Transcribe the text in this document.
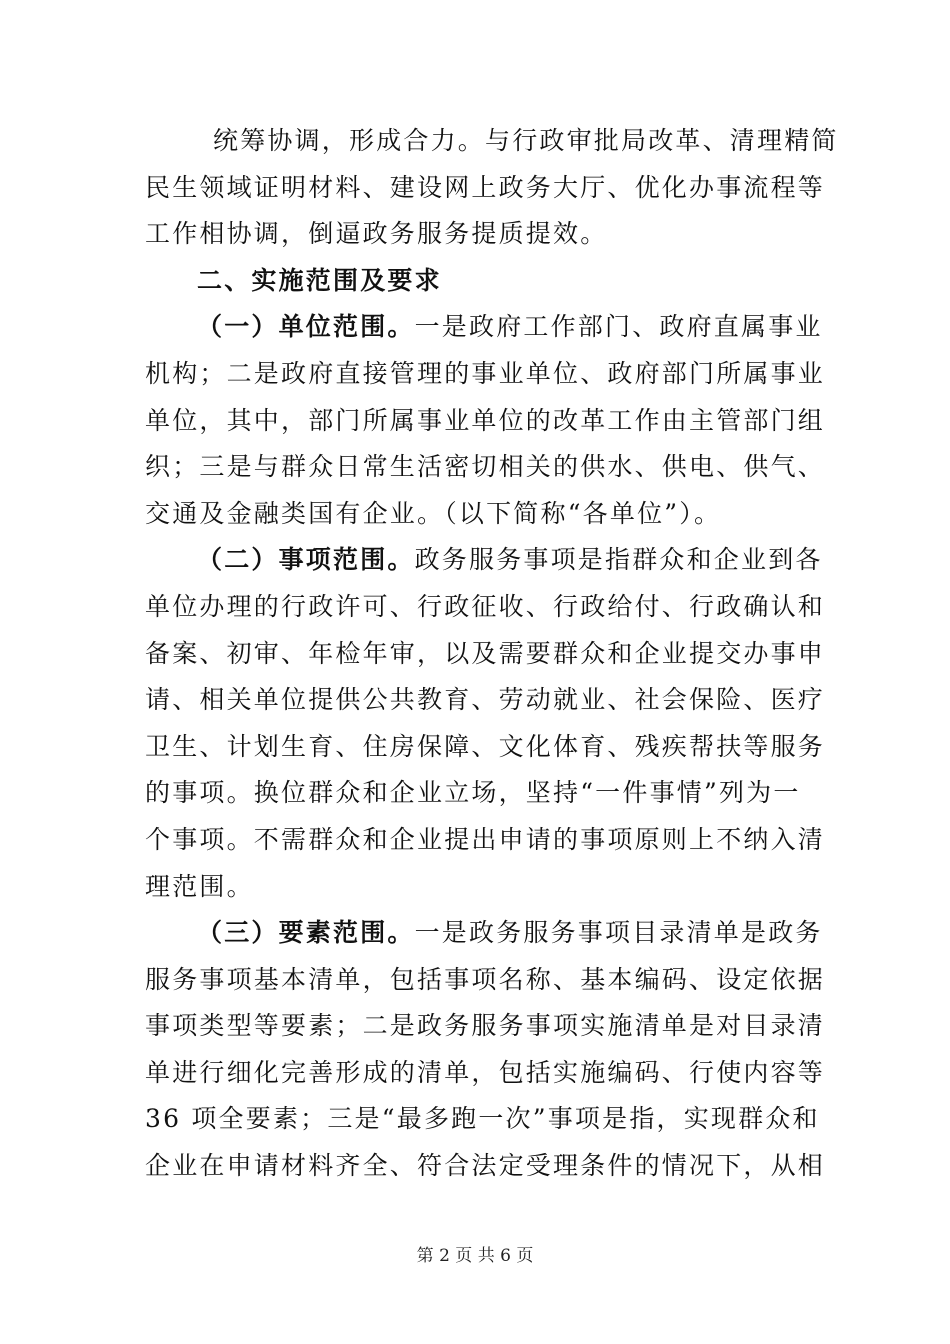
统筹协调，形成合力。与行政审批局改革、清理精简
民生领域证明材料、建设网上政务大厅、优化办事流程等
工作相协调，倒逼政务服务提质提效。
二、实施范围及要求
（一）单位范围。一是政府工作部门、政府直属事业
机构；二是政府直接管理的事业单位、政府部门所属事业
单位，其中，部门所属事业单位的改革工作由主管部门组
织；三是与群众日常生活密切相关的供水、供电、供气、
交通及金融类国有企业。（以下简称“各单位”）。
（二）事项范围。政务服务事项是指群众和企业到各
单位办理的行政许可、行政征收、行政给付、行政确认和
备案、初审、年检年审，以及需要群众和企业提交办事申
请、相关单位提供公共教育、劳动就业、社会保险、医疗
卫生、计划生育、住房保障、文化体育、残疾帮扶等服务
的事项。换位群众和企业立场，坚持“一件事情”列为一
个事项。不需群众和企业提出申请的事项原则上不纳入清
理范围。
（三）要素范围。一是政务服务事项目录清单是政务
服务事项基本清单，包括事项名称、基本编码、设定依据
事项类型等要素；二是政务服务事项实施清单是对目录清
单进行细化完善形成的清单，包括实施编码、行使内容等
36 项全要素；三是“最多跑一次”事项是指，实现群众和
企业在申请材料齐全、符合法定受理条件的情况下，从相
第 2 页 共 6 页
